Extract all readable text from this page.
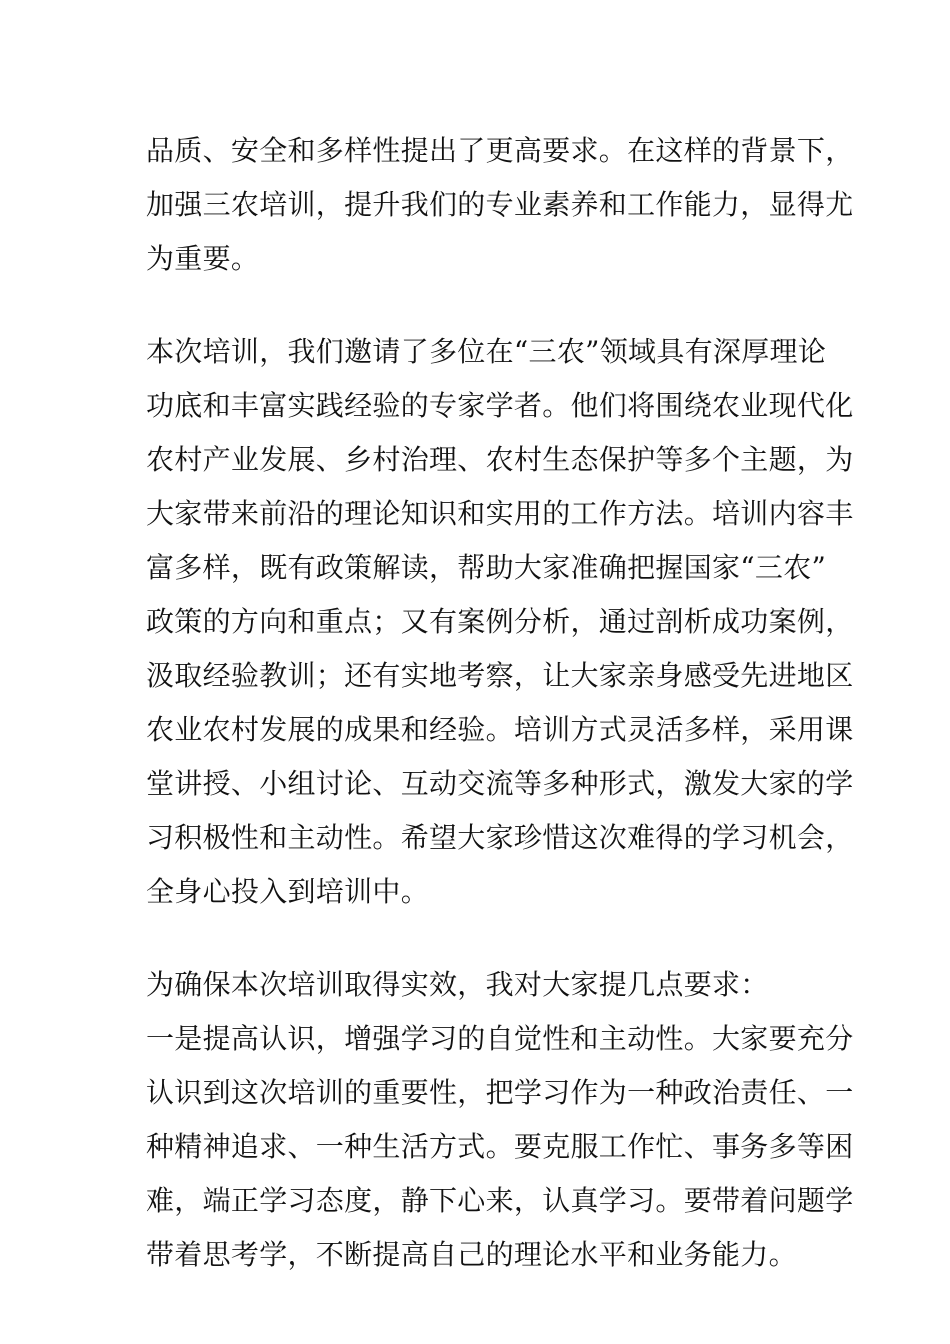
品质、安全和多样性提出了更高要求。在这样的背景下，
加强三农培训，提升我们的专业素养和工作能力，显得尤
为重要。
本次培训，我们邀请了多位在“三农”领域具有深厚理论
功底和丰富实践经验的专家学者。他们将围绕农业现代化
农村产业发展、乡村治理、农村生态保护等多个主题，为
大家带来前沿的理论知识和实用的工作方法。培训内容丰
富多样，既有政策解读，帮助大家准确把握国家“三农”
政策的方向和重点；又有案例分析，通过剖析成功案例，
汲取经验教训；还有实地考察，让大家亲身感受先进地区
农业农村发展的成果和经验。培训方式灵活多样，采用课
堂讲授、小组讨论、互动交流等多种形式，激发大家的学
习积极性和主动性。希望大家珍惜这次难得的学习机会，
全身心投入到培训中。
为确保本次培训取得实效，我对大家提几点要求：
一是提高认识，增强学习的自觉性和主动性。大家要充分
认识到这次培训的重要性，把学习作为一种政治责任、一
种精神追求、一种生活方式。要克服工作忙、事务多等困
难，端正学习态度，静下心来，认真学习。要带着问题学
带着思考学，不断提高自己的理论水平和业务能力。
